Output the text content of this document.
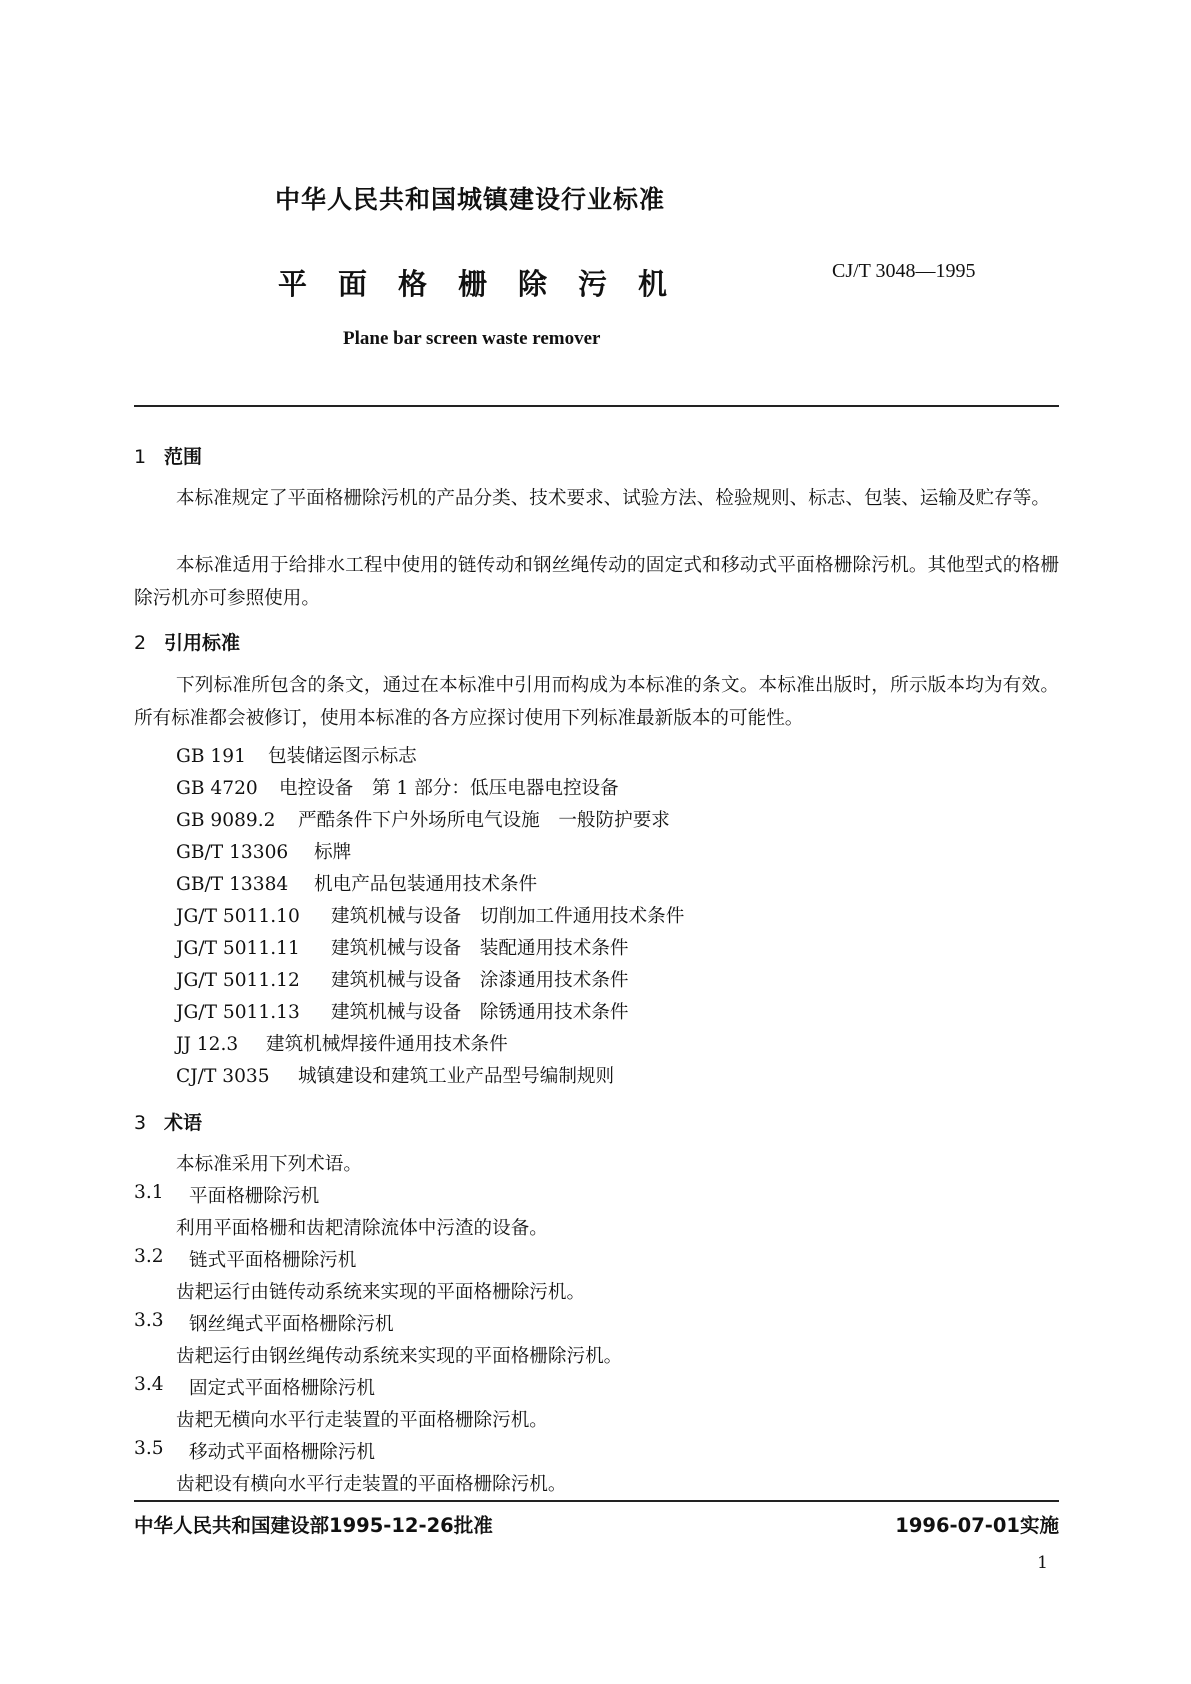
中华人民共和国城镇建设行业标准
平面格栅除污机	CJ/T 3048—1995
Plane bar screen waste remover
1 范围
本标准规定了平面格栅除污机的产品分类、技术要求、试验方法、检验规则、标志、包装、运输及贮存等。
本标准适用于给排水工程中使用的链传动和钢丝绳传动的固定式和移动式平面格栅除污机。其他型式的格栅除污机亦可参照使用。
2 引用标准
下列标准所包含的条文，通过在本标准中引用而构成为本标准的条文。本标准出版时，所示版本均为有效。所有标准都会被修订，使用本标准的各方应探讨使用下列标准最新版本的可能性。
GB 191 包装储运图示标志
GB 4720 电控设备　第 1 部分：低压电器电控设备
GB 9089.2 严酷条件下户外场所电气设施　一般防护要求
GB/T 13306 标牌
GB/T 13384 机电产品包装通用技术条件
JG/T 5011.10 建筑机械与设备　切削加工件通用技术条件
JG/T 5011.11 建筑机械与设备　装配通用技术条件
JG/T 5011.12 建筑机械与设备　涂漆通用技术条件
JG/T 5011.13 建筑机械与设备　除锈通用技术条件
JJ 12.3 建筑机械焊接件通用技术条件
CJ/T 3035 城镇建设和建筑工业产品型号编制规则
3 术语
本标准采用下列术语。
3.1 平面格栅除污机
利用平面格栅和齿耙清除流体中污渣的设备。
3.2 链式平面格栅除污机
齿耙运行由链传动系统来实现的平面格栅除污机。
3.3 钢丝绳式平面格栅除污机
齿耙运行由钢丝绳传动系统来实现的平面格栅除污机。
3.4 固定式平面格栅除污机
齿耙无横向水平行走装置的平面格栅除污机。
3.5 移动式平面格栅除污机
齿耙设有横向水平行走装置的平面格栅除污机。
中华人民共和国建设部1995-12-26批准	1996-07-01实施
1
